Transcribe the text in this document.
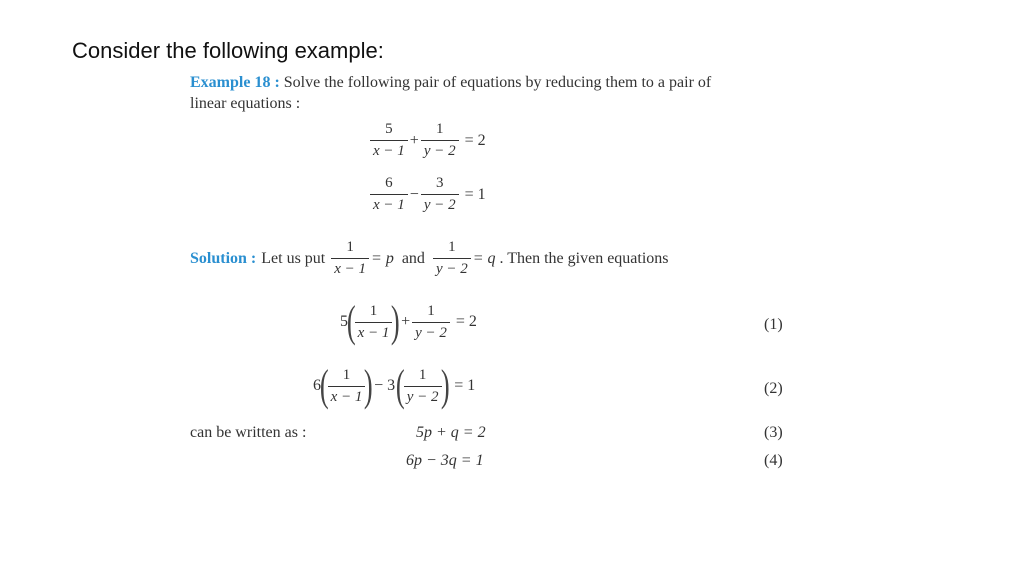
Consider the following example:
Example 18 : Solve the following pair of equations by reducing them to a pair of
linear equations :
$\frac{5}{x - 1} + \frac{1}{y - 2} = 2$
$\frac{6}{x - 1} - \frac{3}{y - 2} = 1$
Solution : Let us put $\frac{1}{x - 1} = p$ and $\frac{1}{y - 2} = q$ . Then the given equations
5
(
$\frac{1}{x - 1}$
) + $\frac{1}{y - 2} = 2$	(1)
6
(
$\frac{1}{x - 1}$
) − 3 (
$\frac{1}{y - 2}$
) = 1	(2)
can be written as :	5p + q = 2	(3)
6p − 3q = 1	(4)
